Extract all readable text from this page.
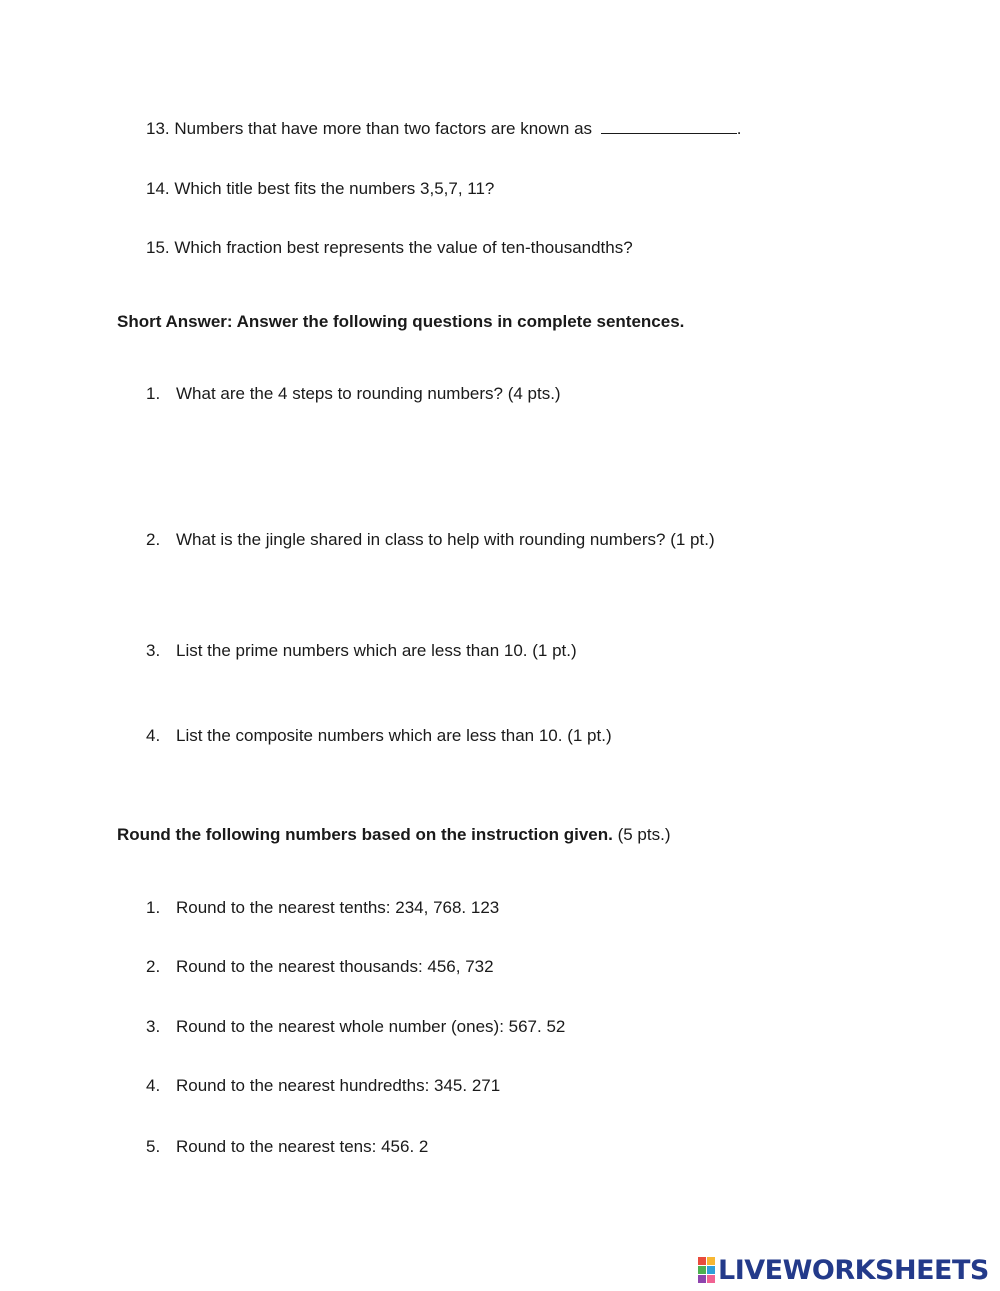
13. Numbers that have more than two factors are known as	.
14. Which title best fits the numbers 3,5,7, 11?
15. Which fraction best represents the value of ten-thousandths?
Short Answer: Answer the following questions in complete sentences.
1. What are the 4 steps to rounding numbers? (4 pts.)
2. What is the jingle shared in class to help with rounding numbers? (1 pt.)
3. List the prime numbers which are less than 10. (1 pt.)
4. List the composite numbers which are less than 10. (1 pt.)
Round the following numbers based on the instruction given. (5 pts.)
1. Round to the nearest tenths: 234, 768. 123
2. Round to the nearest thousands: 456, 732
3. Round to the nearest whole number (ones): 567. 52
4. Round to the nearest hundredths: 345. 271
5. Round to the nearest tens: 456. 2
LIVEWORKSHEETS
